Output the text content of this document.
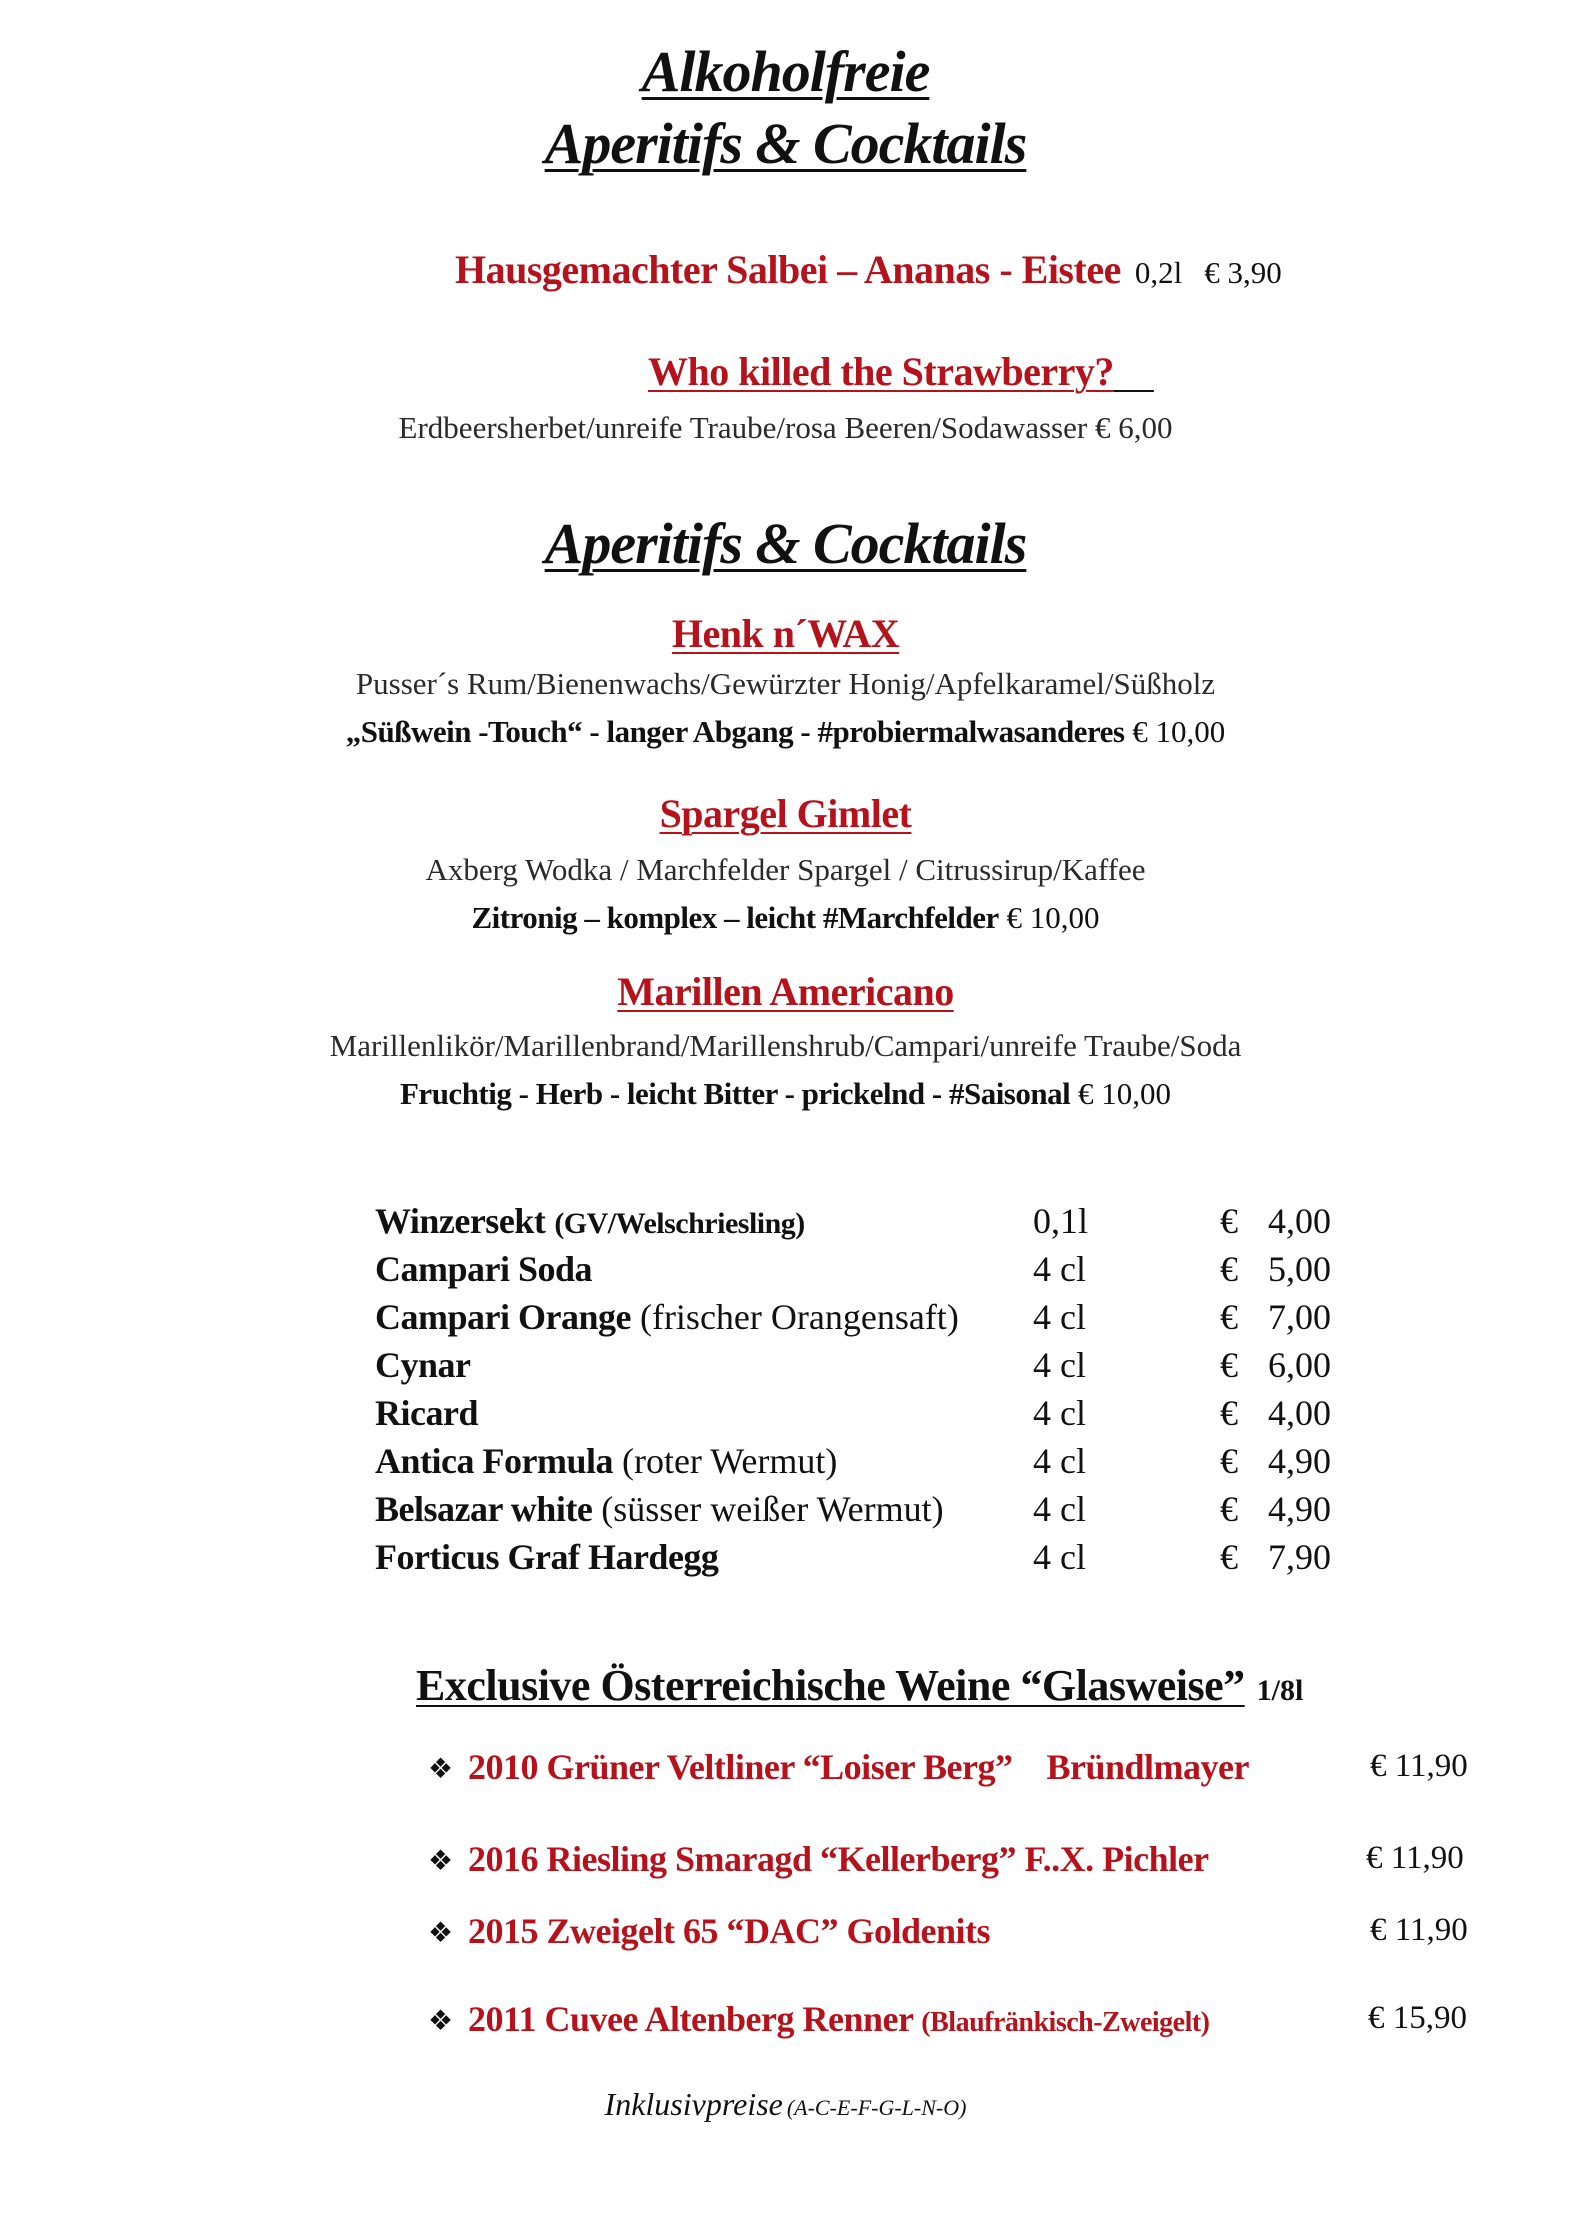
Alkoholfreie
Aperitifs & Cocktails
Hausgemachter Salbei – Ananas - Eistee 0,2l € 3,90
Who killed the Strawberry?
Erdbeersherbet/unreife Traube/rosa Beeren/Sodawasser € 6,00
Aperitifs & Cocktails
Henk n´WAX
Pusser´s Rum/Bienenwachs/Gewürzter Honig/Apfelkaramel/Süßholz
„Süßwein -Touch“ - langer Abgang - #probiermalwasanderes € 10,00
Spargel Gimlet
Axberg Wodka / Marchfelder Spargel / Citrussirup/Kaffee
Zitronig – komplex – leicht #Marchfelder € 10,00
Marillen Americano
Marillenlikör/Marillenbrand/Marillenshrub/Campari/unreife Traube/Soda
Fruchtig - Herb - leicht Bitter - prickelnd - #Saisonal € 10,00
Winzersekt (GV/Welschriesling)	0,1l	€ 4,00
Campari Soda	4 cl	€ 5,00
Campari Orange (frischer Orangensaft) 4 cl	€ 7,00
Cynar	4 cl	€ 6,00
Ricard	4 cl	€ 4,00
Antica Formula (roter Wermut)	4 cl	€ 4,90
Belsazar white (süsser weißer Wermut) 4 cl	€ 4,90
Forticus Graf Hardegg	4 cl	€ 7,90
Exclusive Österreichische Weine “Glasweise” 1/8l
❖ 2010 Grüner Veltliner “Loiser Berg”    Bründlmayer	€ 11,90
❖ 2016 Riesling Smaragd “Kellerberg” F..X. Pichler	€ 11,90
❖ 2015 Zweigelt 65 “DAC” Goldenits	€ 11,90
❖ 2011 Cuvee Altenberg Renner (Blaufränkisch-Zweigelt)	€ 15,90
Inklusivpreise (A-C-E-F-G-L-N-O)
